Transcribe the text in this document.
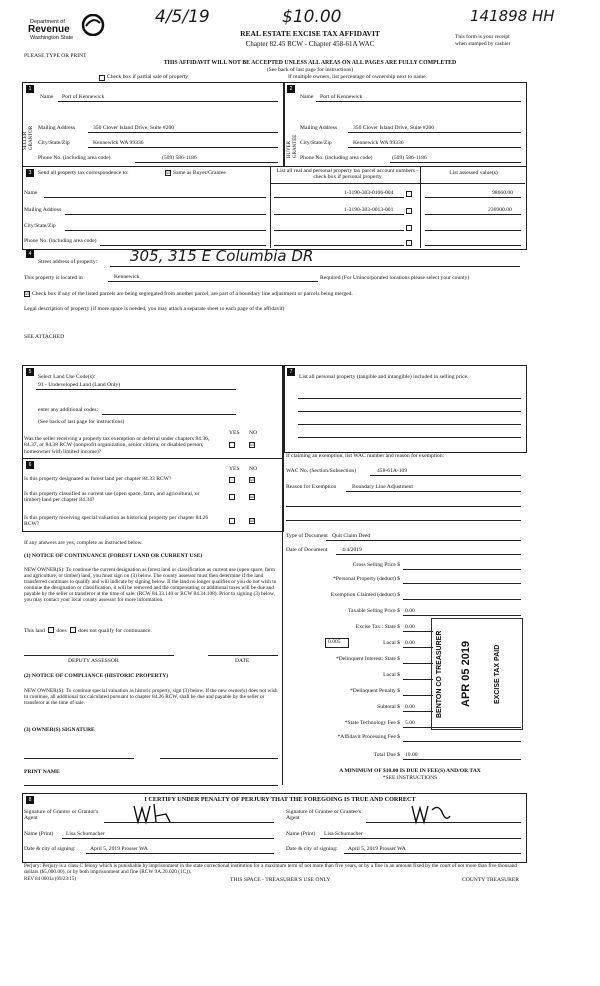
4/5/19	$10.00	141898 HH
Department of
Revenue
Washington State	REAL ESTATE EXCISE TAX AFFIDAVIT
Chapter 82.45 RCW - Chapter 458-61A WAC
This form is your receipt
when stamped by cashier
PLEASE TYPE OR PRINT
THIS AFFIDAVIT WILL NOT BE ACCEPTED UNLESS ALL AREAS ON ALL PAGES ARE FULLY COMPLETED
(See back of last page for instructions)
Check box if partial sale of property	If multiple owners, list percentage of ownership next to name.
1	2
SELLER GRANTOR	BUYER GRANTEE
Name Port of Kennewick
Mailing Address	350 Clover Island Drive, Suite #200
City/State/Zip	Kennewick WA 99336
Phone No. (including area code)	(509) 586-1186
Name Port of Kennewick
Mailing Address	350 Clover Island Drive, Suite #200
City/State/Zip	Kennewick WA 99336
Phone No. (including area code)	(509) 586-1186
3	Send all property tax correspondence to:	☑ Same as Buyer/Grantee
Name
Mailing Address
City/State/Zip
Phone No. (including area code)
List all real and personal property tax parcel account numbers - check box if personal property
List assessed value(s)
1-3190-303-0106-004	98660.00
1-3190-303-0013-001	236900.00
4
Street address of property: 305, 315 E Columbia DR
This property is located in	Kennewick	Required (For Unincorporated locations please select your county)
☑ Check box if any of the listed parcels are being segregated from another parcel, are part of a boundary line adjustment or parcels being merged.
Legal description of property (if more space is needed, you may attach a separate sheet to each page of the affidavit)
SEE ATTACHED
5
Select Land Use Code(s):
91 - Undeveloped Land (Land Only)
enter any additional codes:
(See back of last page for instructions)
YES NO
Was the seller receiving a property tax exemption or deferral under chapters 84.36, 84.37, or 84.38 RCW (nonprofit organization, senior citizen, or disabled person, homeowner with limited income)?
☑
6
YES NO
Is this property designated as forest land per chapter 84.33 RCW?	☑
Is this property classified as current use (open space, farm, and agricultural, or timber) land per chapter 84.34?
☑
Is this property receiving special valuation as historical property per chapter 84.26 RCW?
☑
If any answers are yes, complete as instructed below.
(1) NOTICE OF CONTINUANCE (FOREST LAND OR CURRENT USE)
NEW OWNER(S): To continue the current designation as forest land or classification as current use (open space, farm and agriculture, or timber) land, you must sign on (3) below. The county assessor must then determine if the land transferred continues to qualify and will indicate by signing below. If the land no longer qualifies or you do not wish to continue the designation or classification, it will be removed and the compensating or additional taxes will be due and payable by the seller or transferor at the time of sale. (RCW 84.33.140 or RCW 84.34.108). Prior to signing (3) below, you may contact your local county assessor for more information.
This land does does not qualify for continuance.
DEPUTY ASSESSOR	DATE
(2) NOTICE OF COMPLIANCE (HISTORIC PROPERTY)
NEW OWNER(S): To continue special valuation as historic property, sign (3) below. If the new owner(s) does not wish to continue, all additional tax calculated pursuant to chapter 84.26 RCW, shall be due and payable by the seller or transferor at the time of sale.
(3) OWNER(S) SIGNATURE
PRINT NAME
7
List all personal property (tangible and intangible) included in selling price.
If claiming an exemption, list WAC number and reason for exemption:
WAC No. (Section/Subsection)	458-61A-109
Reason for Exemption	Boundary Line Adjustment
Type of Document Quit Claim Deed
Date of Document	4/4/2019
Gross Selling Price $
*Personal Property (deduct) $
Exemption Claimed (deduct) $
Taxable Selling Price $ 0.00
Excise Tax : State $ 0.00
0.005	Local $ 0.00
*Delinquent Interest: State $
Local $
*Delinquent Penalty $
Subtotal $ 0.00
*State Technology Fee $ 5.00
*Affidavit Processing Fee $
Total Due $ 10.00
A MINIMUM OF $10.00 IS DUE IN FEE(S) AND/OR TAX
*SEE INSTRUCTIONS
BENTON CO TREASURER APR 05 2019	EXCISE TAX PAID
8	I CERTIFY UNDER PENALTY OF PERJURY THAT THE FOREGOING IS TRUE AND CORRECT
Signature of Grantor or Grantor's Agent
Signature of Grantee or Grantee's Agent
Name (Print) Lisa Schumacher	Name (Print) Lisa Schumacher
Date & city of signing:	April 5, 2019 Prosser WA	Date & city of signing: April 5, 2019 Prosser WA
Perjury: Perjury is a class C felony which is punishable by imprisonment in the state correctional institution for a maximum term of not more than five years, or by a fine in an amount fixed by the court of not more than five thousand dollars ($5,000.00), or by both imprisonment and fine (RCW 9A.20.020 (1C)).
REV 84 0001a (09/23/15)	THIS SPACE - TREASURER'S USE ONLY	COUNTY TREASURER
